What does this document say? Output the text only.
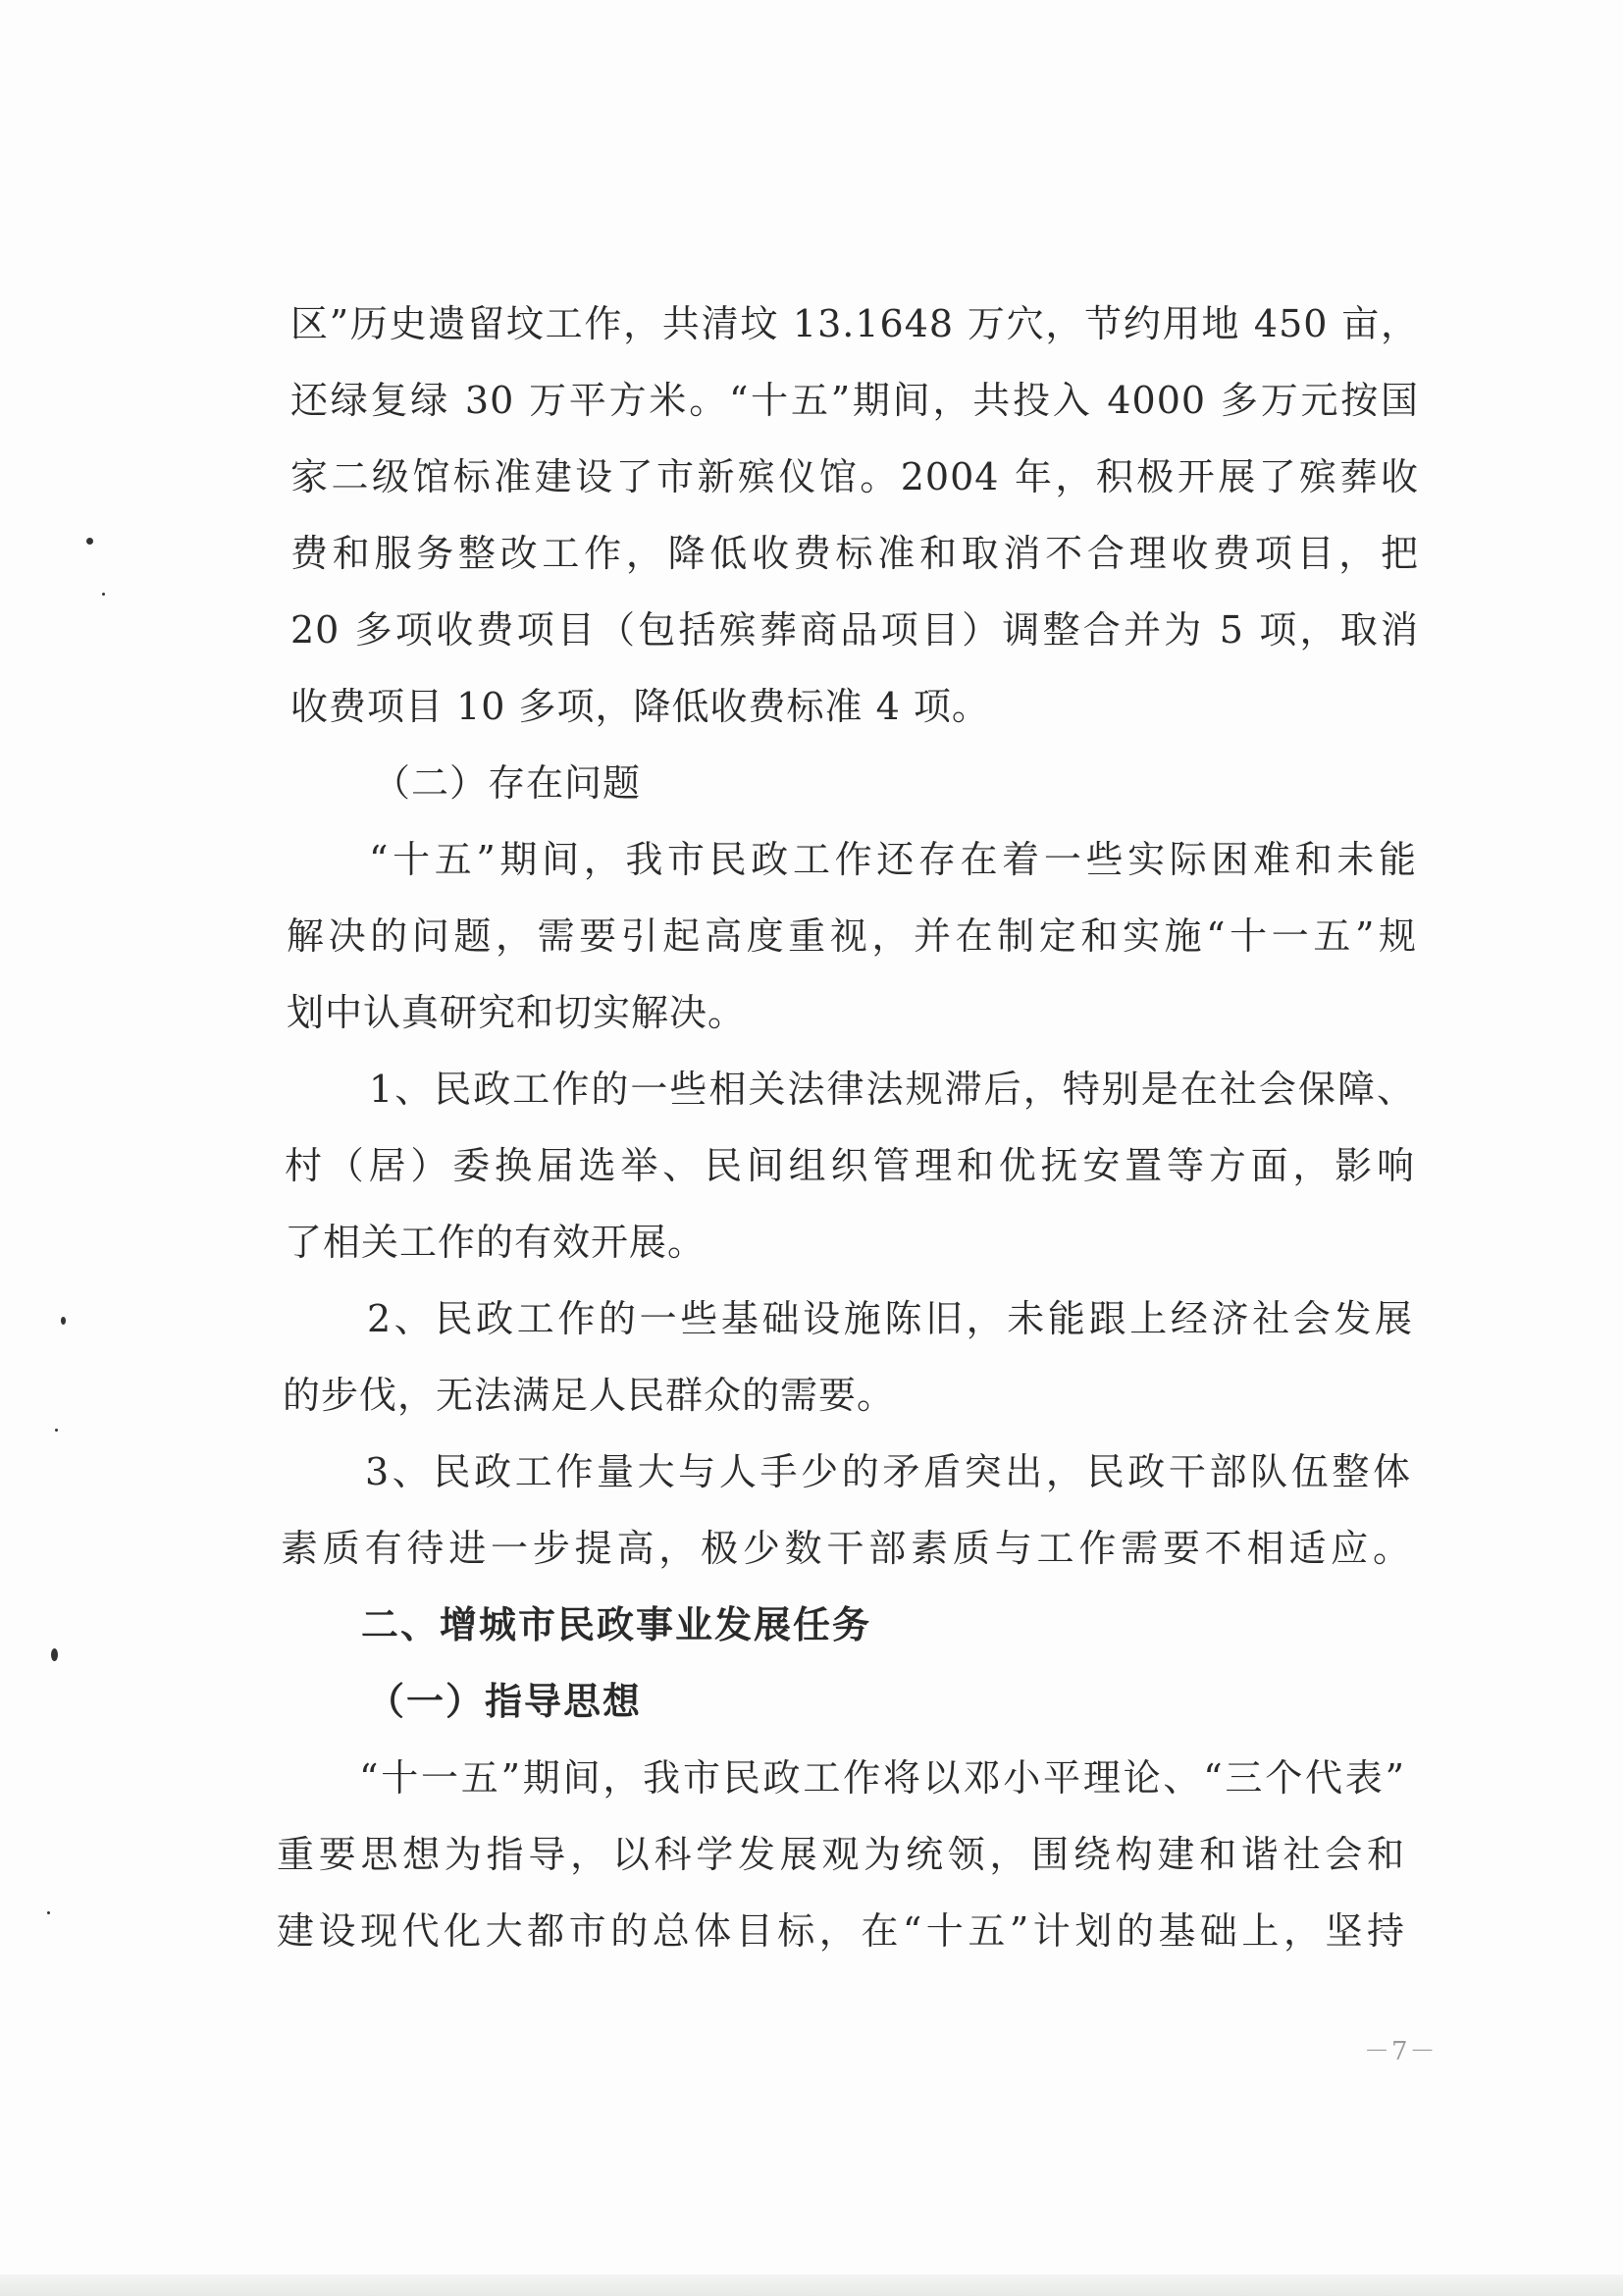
区”历史遗留坟工作，共清坟 13.1648 万穴，节约用地 450 亩，
还绿复绿 30 万平方米。“十五”期间，共投入 4000 多万元按国
家二级馆标准建设了市新殡仪馆。2004 年，积极开展了殡葬收
费和服务整改工作，降低收费标准和取消不合理收费项目，把
20 多项收费项目（包括殡葬商品项目）调整合并为 5 项，取消
收费项目 10 多项，降低收费标准 4 项。
（二）存在问题
“十五”期间，我市民政工作还存在着一些实际困难和未能
解决的问题，需要引起高度重视，并在制定和实施“十一五”规
划中认真研究和切实解决。
1、民政工作的一些相关法律法规滞后，特别是在社会保障、
村（居）委换届选举、民间组织管理和优抚安置等方面，影响
了相关工作的有效开展。
2、民政工作的一些基础设施陈旧，未能跟上经济社会发展
的步伐，无法满足人民群众的需要。
3、民政工作量大与人手少的矛盾突出，民政干部队伍整体
素质有待进一步提高，极少数干部素质与工作需要不相适应。
二、增城市民政事业发展任务
（一）指导思想
“十一五”期间，我市民政工作将以邓小平理论、“三个代表”
重要思想为指导，以科学发展观为统领，围绕构建和谐社会和
建设现代化大都市的总体目标，在“十五”计划的基础上，坚持
－7－
